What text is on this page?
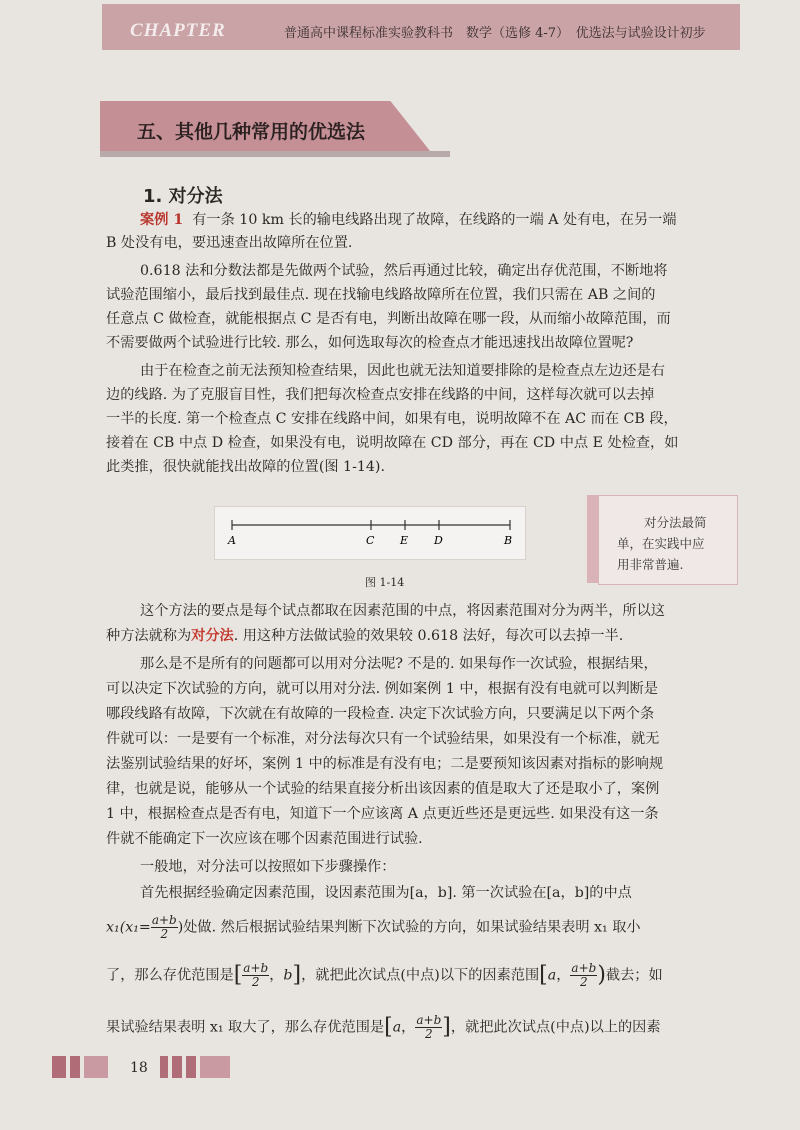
CHAPTER	普通高中课程标准实验教科书　数学（选修 4-7）　优选法与试验设计初步
五、其他几种常用的优选法
1. 对分法
案例 1 有一条 10 km 长的输电线路出现了故障，在线路的一端 A 处有电，在另一端
B 处没有电，要迅速查出故障所在位置.
0.618 法和分数法都是先做两个试验，然后再通过比较，确定出存优范围，不断地将
试验范围缩小，最后找到最佳点. 现在找输电线路故障所在位置，我们只需在 AB 之间的
任意点 C 做检查，就能根据点 C 是否有电，判断出故障在哪一段，从而缩小故障范围，而
不需要做两个试验进行比较. 那么，如何选取每次的检查点才能迅速找出故障位置呢?
由于在检查之前无法预知检查结果，因此也就无法知道要排除的是检查点左边还是右
边的线路. 为了克服盲目性，我们把每次检查点安排在线路的中间，这样每次就可以去掉
一半的长度. 第一个检查点 C 安排在线路中间，如果有电，说明故障不在 AC 而在 CB 段，
接着在 CB 中点 D 检查，如果没有电，说明故障在 CD 部分，再在 CD 中点 E 处检查，如
此类推，很快就能找出故障的位置(图 1-14).
A	C E D	B
图 1-14
对分法最简
单，在实践中应
用非常普遍.
这个方法的要点是每个试点都取在因素范围的中点，将因素范围对分为两半，所以这
种方法就称为对分法. 用这种方法做试验的效果较 0.618 法好，每次可以去掉一半.
那么是不是所有的问题都可以用对分法呢? 不是的. 如果每作一次试验，根据结果，
可以决定下次试验的方向，就可以用对分法. 例如案例 1 中，根据有没有电就可以判断是
哪段线路有故障，下次就在有故障的一段检查. 决定下次试验方向，只要满足以下两个条
件就可以：一是要有一个标准，对分法每次只有一个试验结果，如果没有一个标准，就无
法鉴别试验结果的好坏，案例 1 中的标准是有没有电；二是要预知该因素对指标的影响规
律，也就是说，能够从一个试验的结果直接分析出该因素的值是取大了还是取小了，案例
1 中，根据检查点是否有电，知道下一个应该离 A 点更近些还是更远些. 如果没有这一条
件就不能确定下一次应该在哪个因素范围进行试验.
一般地，对分法可以按照如下步骤操作：
首先根据经验确定因素范围，设因素范围为[a，b]. 第一次试验在[a，b]的中点
$x_1(x_1= \frac{a+b}{2}$ )处做. 然后根据试验结果判断下次试验的方向，如果试验结果表明 x₁ 取小
了，那么存优范围是[ $\frac{a+b}{2}$ ，b]，就把此次试点(中点)以下的因素范围[a， $\frac{a+b}{2}$ )截去；如
果试验结果表明 x₁ 取大了，那么存优范围是[a， $\frac{a+b}{2}$ ]，就把此次试点(中点)以上的因素
18
